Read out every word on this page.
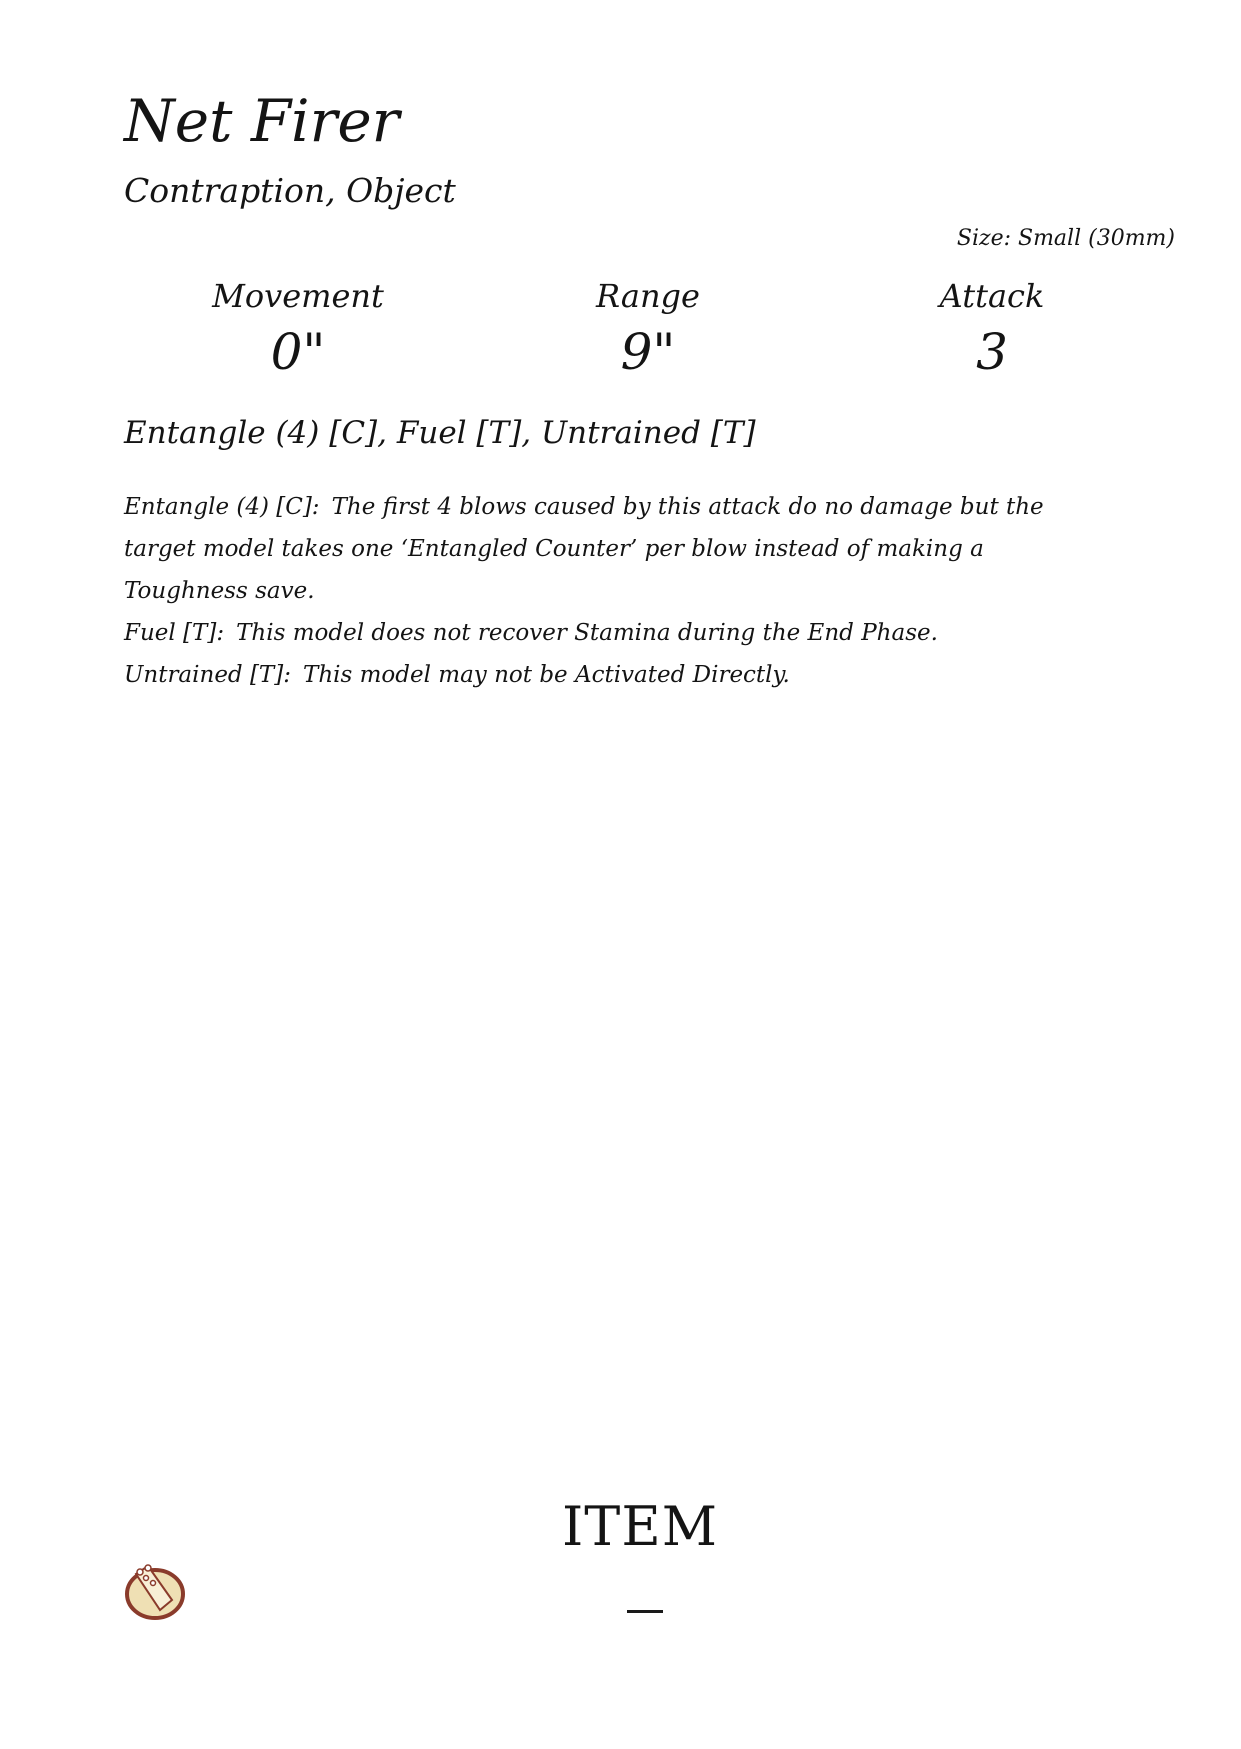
Net Firer
Contraption, Object
Size: Small (30mm)
Movement
0"
Range
9"
Attack
3
Entangle (4) [C], Fuel [T], Untrained [T]

Entangle (4) [C]: The first 4 blows caused by this attack do no damage but the target model takes one ‘Entangled Counter’ per blow instead of making a Toughness save.

Fuel [T]: This model does not recover Stamina during the End Phase.

Untrained [T]: This model may not be Activated Directly.

ITEM
